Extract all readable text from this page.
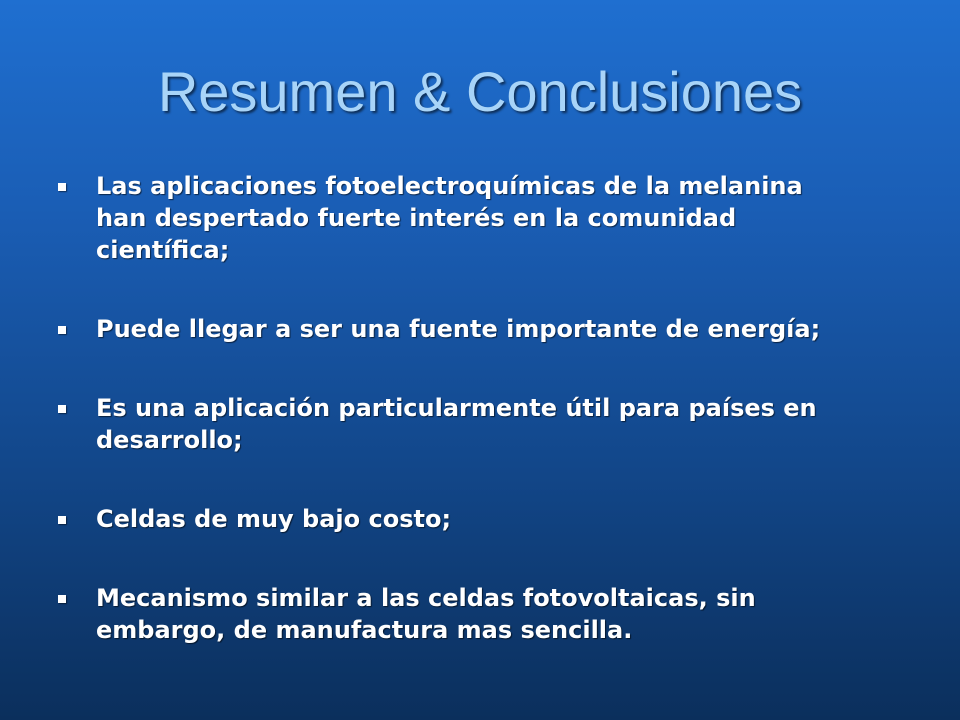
Resumen & Conclusiones
Las aplicaciones fotoelectroquímicas de la melanina
han despertado fuerte interés en la comunidad
científica;
Puede llegar a ser una fuente importante de energía;
Es una aplicación particularmente útil para países en
desarrollo;
Celdas de muy bajo costo;
Mecanismo similar a las celdas fotovoltaicas, sin
embargo, de manufactura mas sencilla.
